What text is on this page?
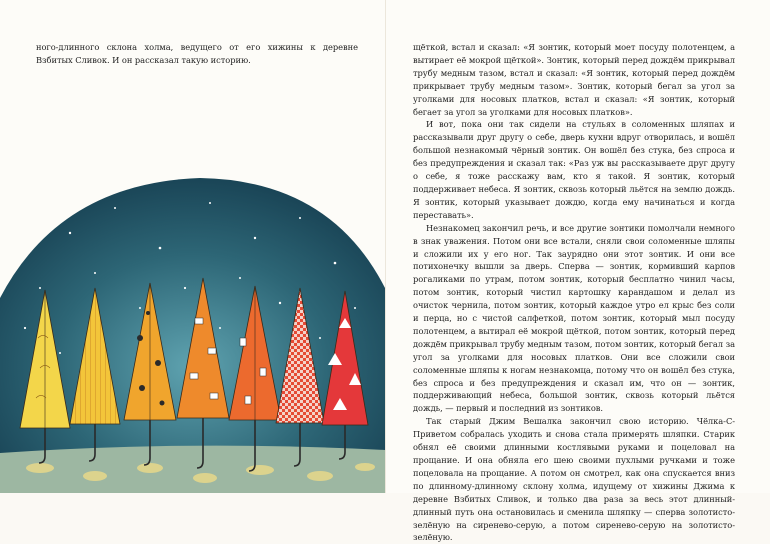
ного-длинного склона холма, ведущего от его хижины к деревне Взбитых Сливок. И он рассказал такую историю.

щёткой, встал и сказал: «Я зонтик, который моет посуду полотенцем, а вытирает её мокрой щёткой». Зонтик, который перед дождём прикрывал трубу медным тазом, встал и сказал: «Я зонтик, который перед дождём прикрывает трубу медным тазом». Зонтик, который бегал за угол за уголками для носовых платков, встал и сказал: «Я зонтик, который бегает за угол за уголками для носовых платков».

И вот, пока они так сидели на стульях в соломенных шляпах и рассказывали друг другу о себе, дверь кухни вдруг отворилась, и вошёл большой незнакомый чёрный зонтик. Он вошёл без стука, без спроса и без предупреждения и сказал так: «Раз уж вы рассказываете друг другу о себе, я тоже расскажу вам, кто я такой. Я зонтик, который поддерживает небеса. Я зонтик, сквозь который льётся на землю дождь. Я зонтик, который указывает дождю, когда ему начинаться и когда переставать».

Незнакомец закончил речь, и все другие зонтики помолчали немного в знак уважения. Потом они все встали, сняли свои соломенные шляпы и сложили их у его ног. Так заурядно они этот зонтик. И они все потихонечку вышли за дверь. Сперва — зонтик, кормивший карпов рогаликами по утрам, потом зонтик, который бесплатно чинил часы, потом зонтик, который чистил картошку карандашом и делал из очисток чернила, потом зонтик, который каждое утро ел крыс без соли и перца, но с чистой салфеткой, потом зонтик, который мыл посуду полотенцем, а вытирал её мокрой щёткой, потом зонтик, который перед дождём прикрывал трубу медным тазом, потом зонтик, который бегал за угол за уголками для носовых платков. Они все сложили свои соломенные шляпы к ногам незнакомца, потому что он вошёл без стука, без спроса и без предупреждения и сказал им, что он — зонтик, поддерживающий небеса, большой зонтик, сквозь который льётся дождь, — первый и последний из зонтиков.

Так старый Джим Вешалка закончил свою историю. Чёлка-С-Приветом собралась уходить и снова стала примерять шляпки. Старик обнял её своими длинными костлявыми руками и поцеловал на прощание. И она обняла его шею своими пухлыми ручками и тоже поцеловала на прощание. А потом он смотрел, как она спускается вниз по длинному-длинному склону холма, идущему от хижины Джима к деревне Взбитых Сливок, и только два раза за весь этот длинный-длинный путь она остановилась и сменила шляпку — сперва золотисто-зелёную на сиренево-серую, а потом сиренево-серую на золотисто-зелёную.
